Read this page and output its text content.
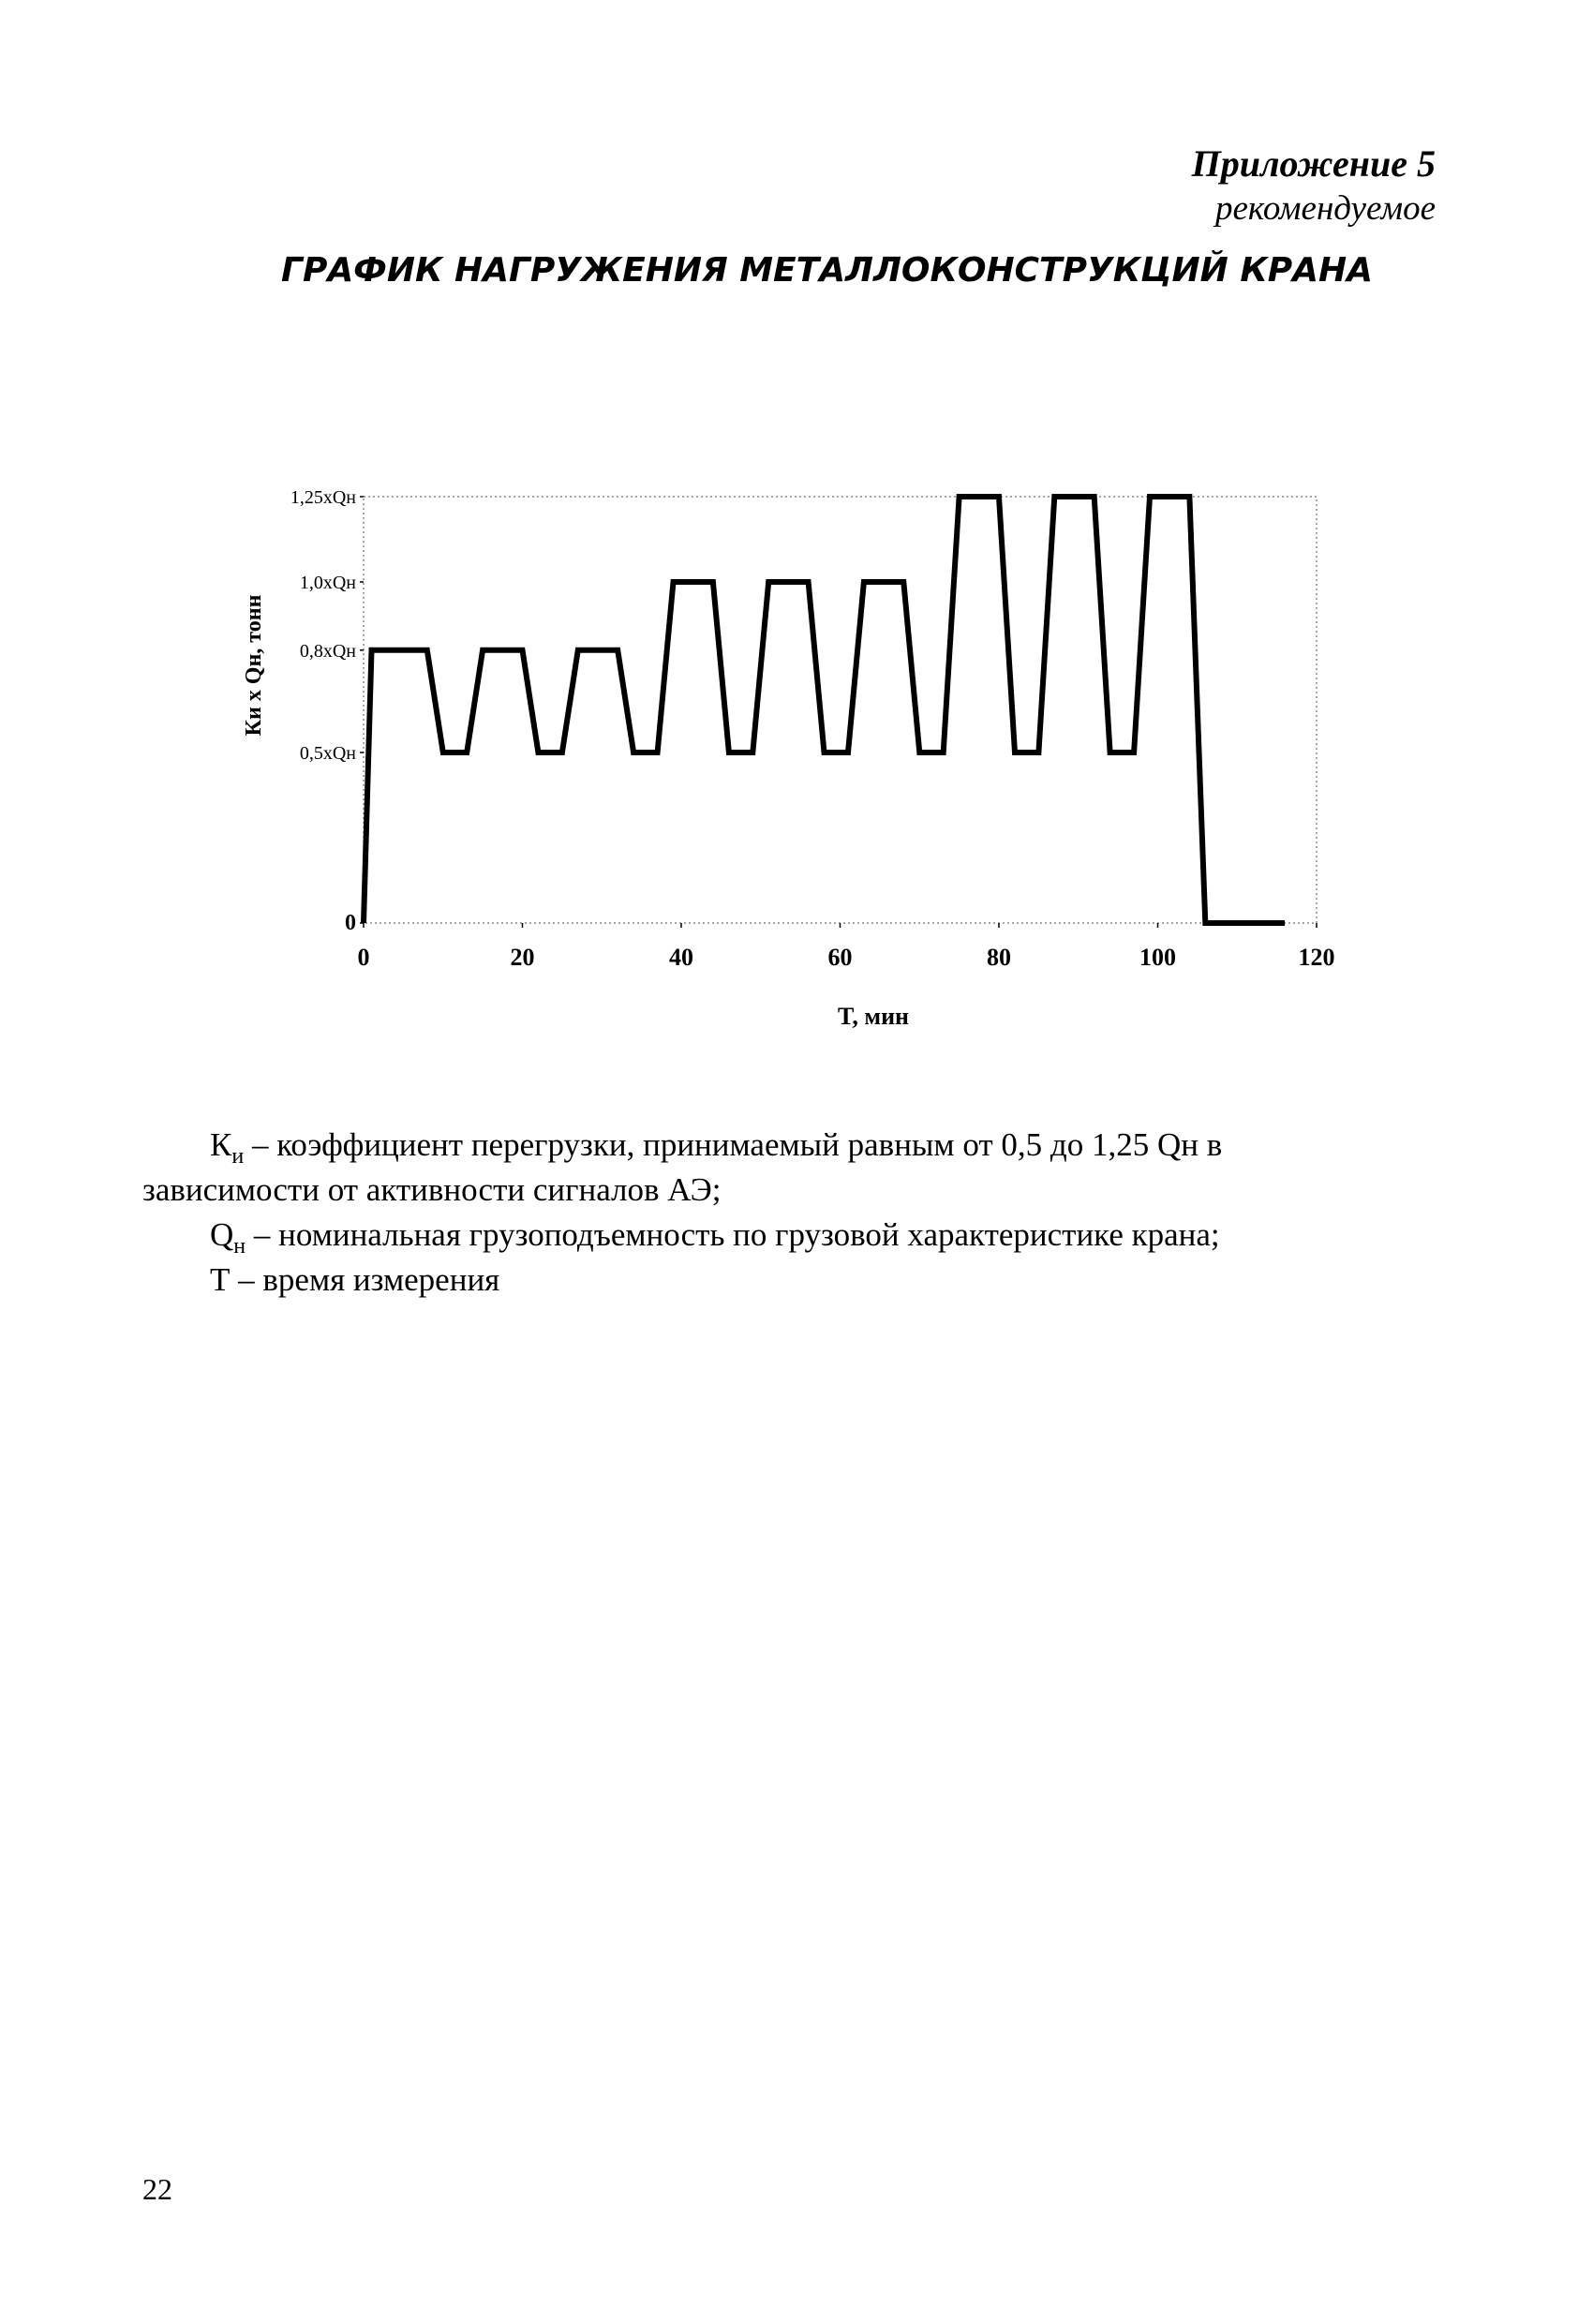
Приложение 5
рекомендуемое
ГРАФИК НАГРУЖЕНИЯ МЕТАЛЛОКОНСТРУКЦИЙ КРАНА
0
0,5xQн
0,8xQн
1,0xQн
1,25xQн
0	20	40	60	80	100	120
Ки x Qн, тонн
T, мин

$К_и$ – коэффициент перегрузки, принимаемый равным от 0,5 до 1,25 Qн в

зависимости от активности сигналов АЭ;

$Q_н$ – номинальная грузоподъемность по грузовой характеристике крана;

Т – время измерения

22
